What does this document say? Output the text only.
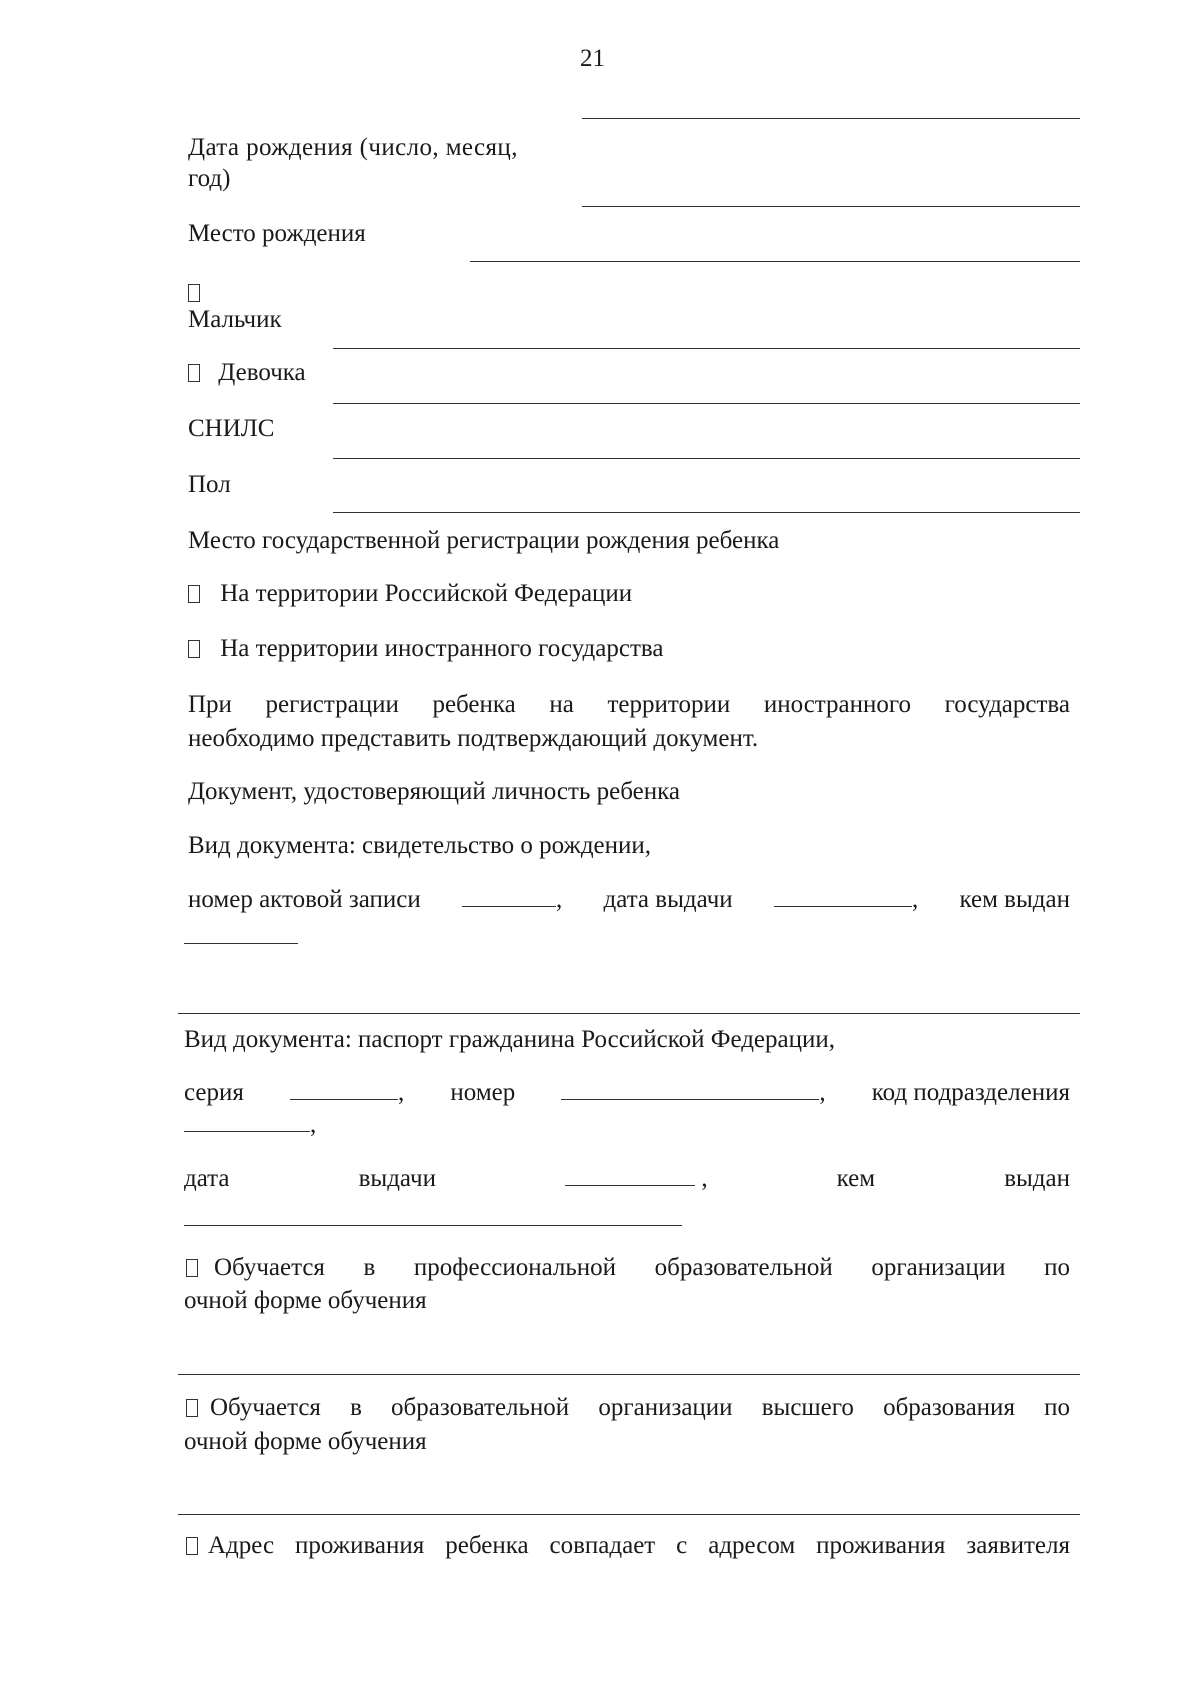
21
Дата рождения (число, месяц,
год)
Место рождения
Мальчик
Девочка
СНИЛС
Пол
Место государственной регистрации рождения ребенка
На территории Российской Федерации
На территории иностранного государства
При регистрации ребенка на территории иностранного государства
необходимо представить подтверждающий документ.
Документ, удостоверяющий личность ребенка
Вид документа: свидетельство о рождении,
номер актовой записи	, дата выдачи	, кем выдан
Вид документа: паспорт гражданина Российской Федерации,
серия	, номер	, код подразделения
,
дата	выдачи	,	кем	выдан
Обучается в профессиональной образовательной организации по
очной форме обучения
Обучается в образовательной организации высшего образования по
очной форме обучения
Адрес проживания ребенка совпадает с адресом проживания заявителя
